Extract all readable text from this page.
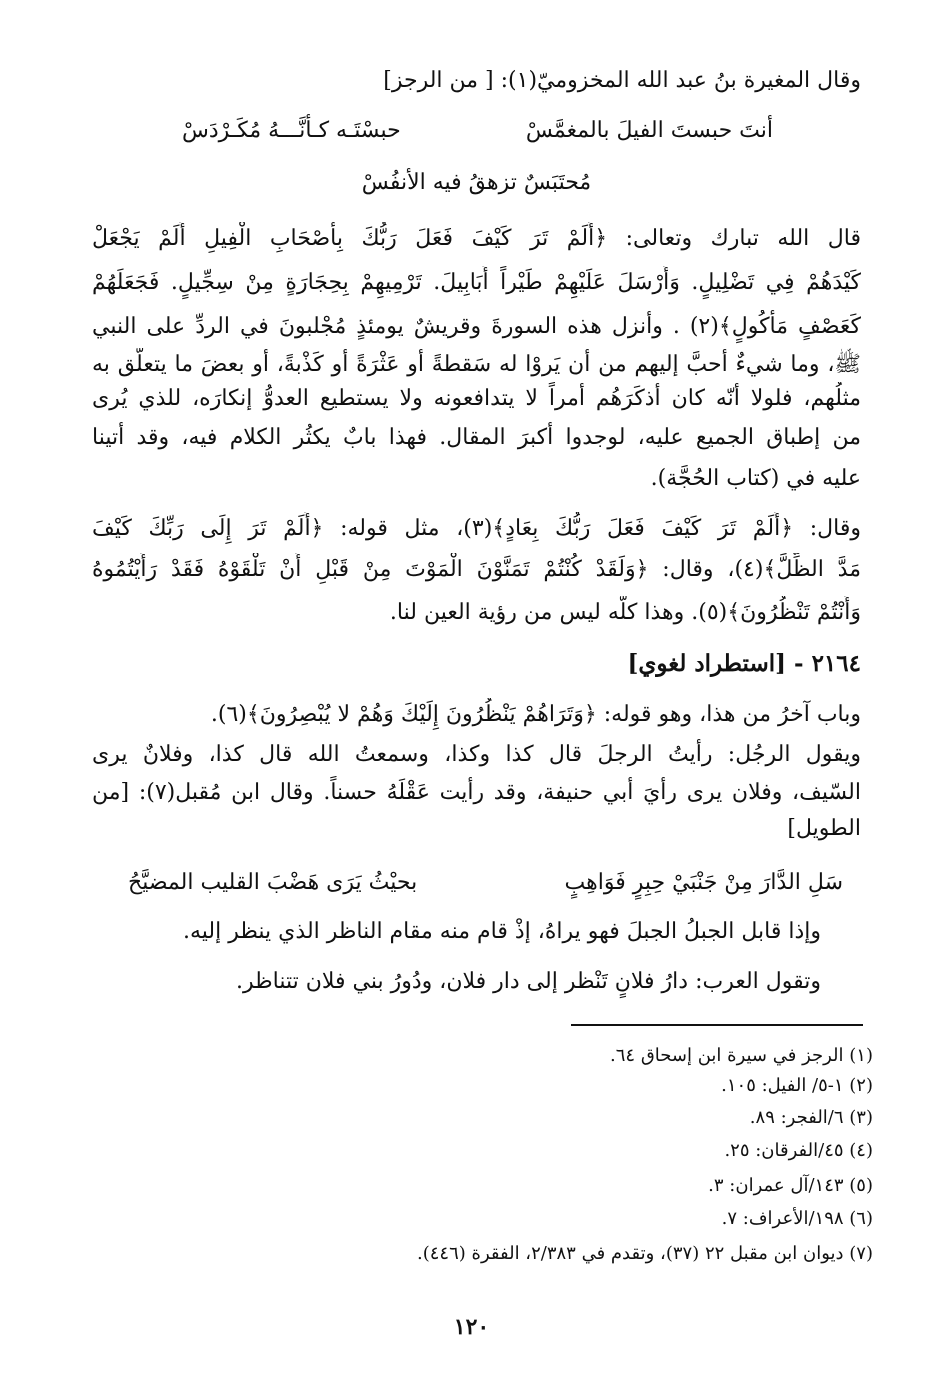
وقال المغيرة بنُ عبد الله المخزوميّ(١): [ من الرجز]
أنتَ حبستَ الفيلَ بالمغمَّسْ
حبسْتَـه كـأنَّـــهُ مُكَـرْدَسْ
مُحتَبَسٌ تزهقُ فيه الأنفُسْ
قال الله تبارك وتعالى: ﴿أَلَمْ تَرَ كَيْفَ فَعَلَ رَبُّكَ بِأَصْحَابِ الْفِيلِ أَلَمْ يَجْعَلْ
كَيْدَهُمْ فِي تَضْلِيلٍ. وَأَرْسَلَ عَلَيْهِمْ طَيْراً أَبَابِيلَ. تَرْمِيهِمْ بِحِجَارَةٍ مِنْ سِجِّيلٍ. فَجَعَلَهُمْ
كَعَصْفٍ مَأْكُولٍ﴾(٢) . وأنزل هذه السورةَ وقريشٌ يومئذٍ مُجْلبونَ في الردِّ على النبي
ﷺ، وما شيءٌ أحبَّ إليهم من أن يَروْا له سَقطةً أو عَثْرَةً أو كَذْبةً، أو بعضَ ما يتعلّق به
مثلُهم، فلولا أنّه كان أذكَرَهُم أمراً لا يتدافعونه ولا يستطيع العدوُّ إنكارَه، للذي يُرى
من إطباق الجميع عليه، لوجدوا أكبرَ المقال. فهذا بابٌ يكثُر الكلام فيه، وقد أتينا
عليه في (كتاب الحُجَّة).
وقال: ﴿أَلَمْ تَرَ كَيْفَ فَعَلَ رَبُّكَ بِعَادٍ﴾(٣)، مثل قوله: ﴿أَلَمْ تَرَ إِلَى رَبِّكَ كَيْفَ
مَدَّ الظِّلَّ﴾(٤)، وقال: ﴿وَلَقَدْ كُنْتُمْ تَمَنَّوْنَ الْمَوْتَ مِنْ قَبْلِ أَنْ تَلْقَوْهُ فَقَدْ رَأَيْتُمُوهُ
وَأَنْتُمْ تَنْظُرُونَ﴾(٥). وهذا كلّه ليس من رؤية العين لنا.
٢١٦٤ - [استطراد لغوي]
وباب آخرُ من هذا، وهو قوله: ﴿وَتَرَاهُمْ يَنْظُرُونَ إِلَيْكَ وَهُمْ لا يُبْصِرُونَ﴾(٦).
ويقول الرجُل: رأيتُ الرجلَ قال كذا وكذا، وسمعتُ الله قال كذا، وفلانٌ يرى
السّيف، وفلان يرى رأيَ أبي حنيفة، وقد رأيت عَقْلَهُ حسناً. وقال ابن مُقبل(٧): [من
الطويل]
سَلِ الدَّارَ مِنْ جَنْبَيْ حِبِرٍ فَوَاهِبٍ
بحيْثُ يَرَى هَضْبَ القليب المضيَّحُ
وإذا قابل الجبلُ الجبلَ فهو يراهُ، إذْ قام منه مقام الناظر الذي ينظر إليه.
وتقول العرب: دارُ فلانٍ تَنْظر إلى دار فلان، ودُورُ بني فلان تتناظر.
(١) الرجز في سيرة ابن إسحاق ٦٤.
(٢) ١-٥/ الفيل: ١٠٥.
(٣) ٦/الفجر: ٨٩.
(٤) ٤٥/الفرقان: ٢٥.
(٥) ١٤٣/آل عمران: ٣.
(٦) ١٩٨/الأعراف: ٧.
(٧) ديوان ابن مقبل ٢٢ (٣٧)، وتقدم في ٢/٣٨٣، الفقرة (٤٤٦).
١٢٠
